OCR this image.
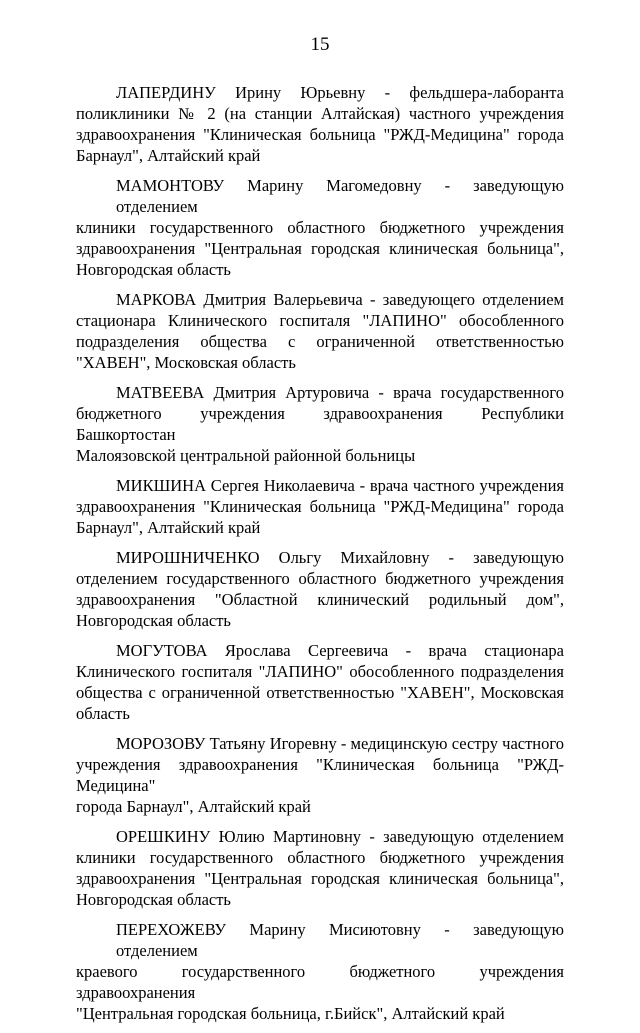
15
ЛАПЕРДИНУ Ирину Юрьевну - фельдшера-лаборанта
поликлиники № 2 (на станции Алтайская) частного учреждения
здравоохранения "Клиническая больница "РЖД-Медицина" города
Барнаул", Алтайский край
МАМОНТОВУ Марину Магомедовну - заведующую отделением
клиники государственного областного бюджетного учреждения
здравоохранения "Центральная городская клиническая больница",
Новгородская область
МАРКОВА Дмитрия Валерьевича - заведующего отделением
стационара Клинического госпиталя "ЛАПИНО" обособленного
подразделения общества с ограниченной ответственностью
"ХАВЕН", Московская область
МАТВЕЕВА Дмитрия Артуровича - врача государственного
бюджетного учреждения здравоохранения Республики Башкортостан
Малоязовской центральной районной больницы
МИКШИНА Сергея Николаевича - врача частного учреждения
здравоохранения "Клиническая больница "РЖД-Медицина" города
Барнаул", Алтайский край
МИРОШНИЧЕНКО Ольгу Михайловну - заведующую
отделением государственного областного бюджетного учреждения
здравоохранения "Областной клинический родильный дом",
Новгородская область
МОГУТОВА Ярослава Сергеевича - врача стационара
Клинического госпиталя "ЛАПИНО" обособленного подразделения
общества с ограниченной ответственностью "ХАВЕН", Московская
область
МОРОЗОВУ Татьяну Игоревну - медицинскую сестру частного
учреждения здравоохранения "Клиническая больница "РЖД-Медицина"
города Барнаул", Алтайский край
ОРЕШКИНУ Юлию Мартиновну - заведующую отделением
клиники государственного областного бюджетного учреждения
здравоохранения "Центральная городская клиническая больница",
Новгородская область
ПЕРЕХОЖЕВУ Марину Мисиютовну - заведующую отделением
краевого государственного бюджетного учреждения здравоохранения
"Центральная городская больница, г.Бийск", Алтайский край
